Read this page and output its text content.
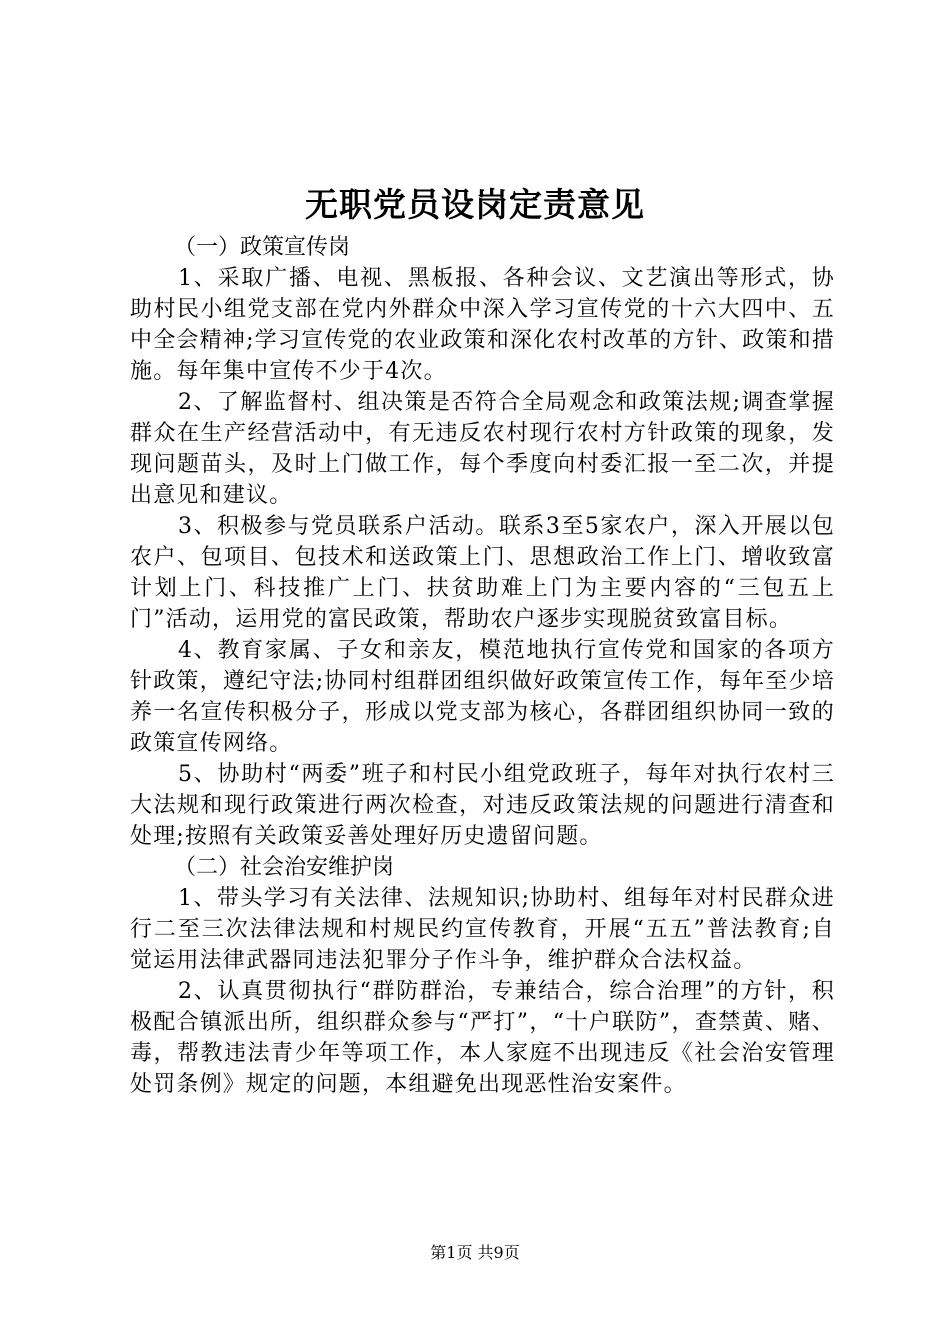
无职党员设岗定责意见

（一）政策宣传岗

1、采取广播、电视、黑板报、各种会议、文艺演出等形式，协助村民小组党支部在党内外群众中深入学习宣传党的十六大四中、五中全会精神;学习宣传党的农业政策和深化农村改革的方针、政策和措施。每年集中宣传不少于4次。

2、了解监督村、组决策是否符合全局观念和政策法规;调查掌握群众在生产经营活动中，有无违反农村现行农村方针政策的现象，发现问题苗头，及时上门做工作，每个季度向村委汇报一至二次，并提出意见和建议。

3、积极参与党员联系户活动。联系3至5家农户，深入开展以包农户、包项目、包技术和送政策上门、思想政治工作上门、增收致富计划上门、科技推广上门、扶贫助难上门为主要内容的“三包五上门”活动，运用党的富民政策，帮助农户逐步实现脱贫致富目标。

4、教育家属、子女和亲友，模范地执行宣传党和国家的各项方针政策，遵纪守法;协同村组群团组织做好政策宣传工作，每年至少培养一名宣传积极分子，形成以党支部为核心，各群团组织协同一致的政策宣传网络。

5、协助村“两委”班子和村民小组党政班子，每年对执行农村三大法规和现行政策进行两次检查，对违反政策法规的问题进行清查和处理;按照有关政策妥善处理好历史遗留问题。

（二）社会治安维护岗

1、带头学习有关法律、法规知识;协助村、组每年对村民群众进行二至三次法律法规和村规民约宣传教育，开展“五五”普法教育;自觉运用法律武器同违法犯罪分子作斗争，维护群众合法权益。

2、认真贯彻执行“群防群治，专兼结合，综合治理”的方针，积极配合镇派出所，组织群众参与“严打”，“十户联防”，查禁黄、赌、毒，帮教违法青少年等项工作，本人家庭不出现违反《社会治安管理处罚条例》规定的问题，本组避免出现恶性治安案件。

第1页 共9页
